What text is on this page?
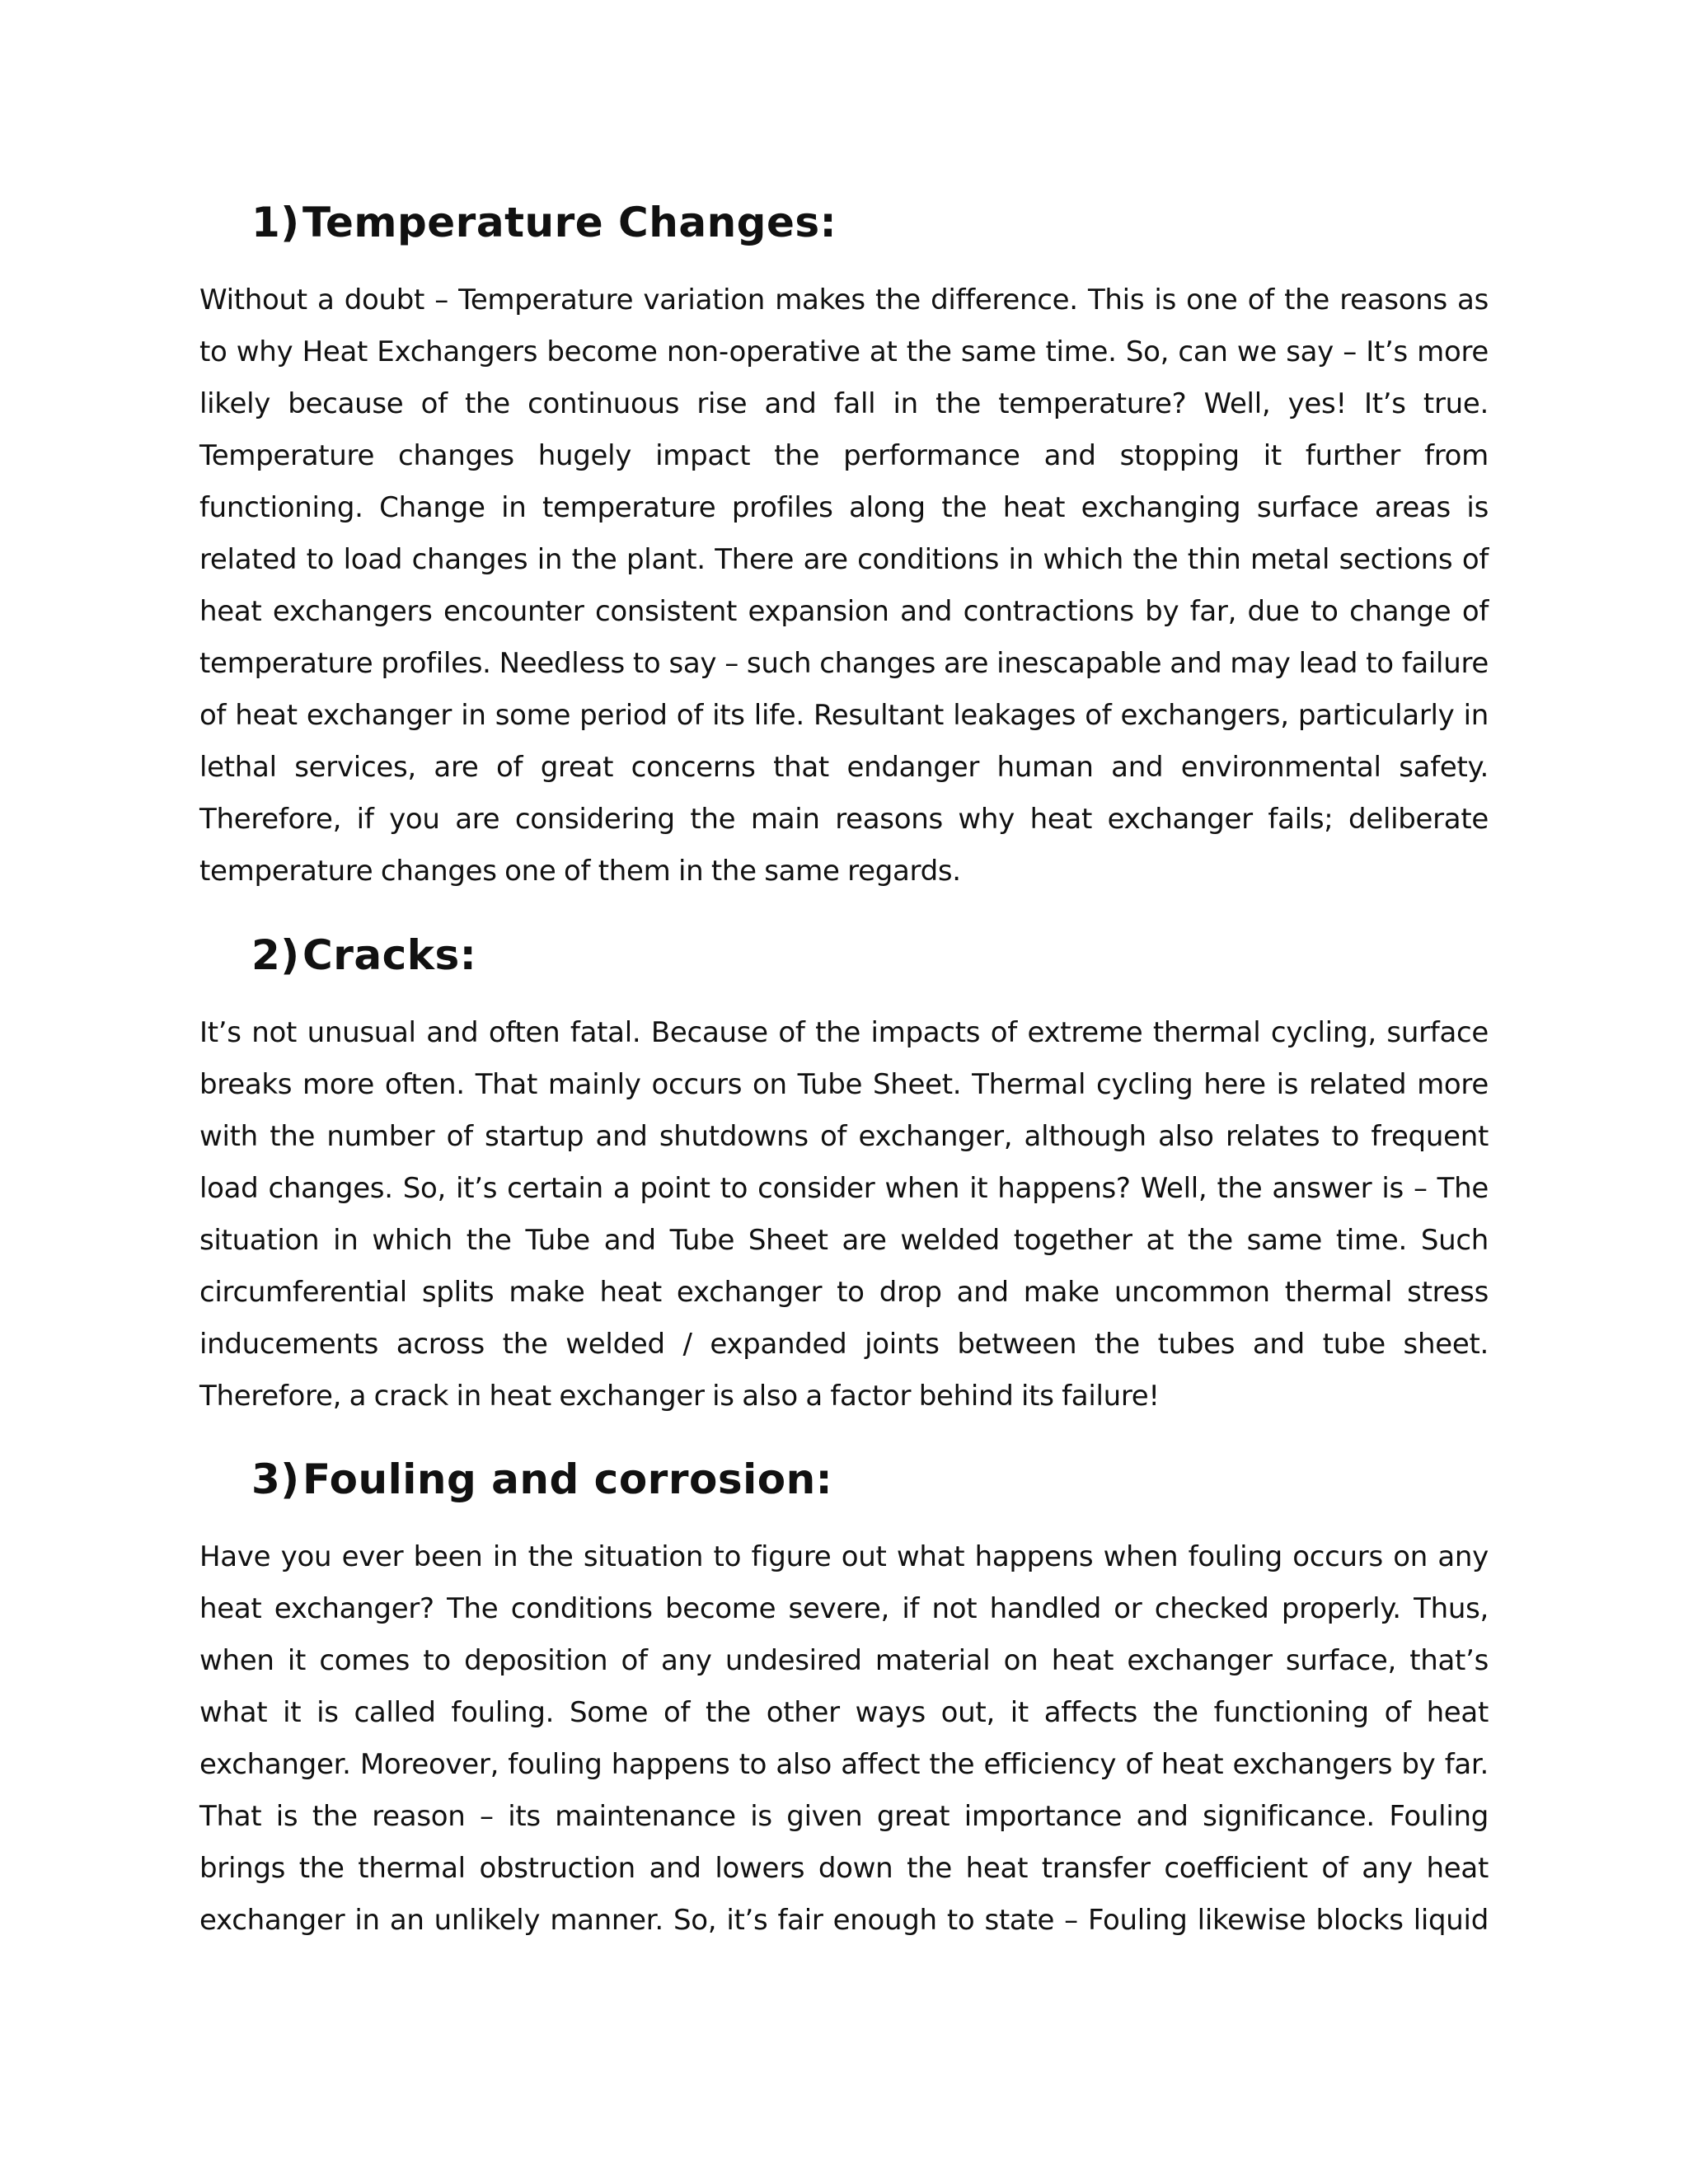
1)Temperature Changes:

Without a doubt – Temperature variation makes the difference. This is one of the reasons as to why Heat Exchangers become non-operative at the same time. So, can we say – It’s more likely because of the continuous rise and fall in the temperature? Well, yes! It’s true. Temperature changes hugely impact the performance and stopping it further from functioning. Change in temperature profiles along the heat exchanging surface areas is related to load changes in the plant. There are conditions in which the thin metal sections of heat exchangers encounter consistent expansion and contractions by far, due to change of temperature profiles. Needless to say – such changes are inescapable and may lead to failure of heat exchanger in some period of its life. Resultant leakages of exchangers, particularly in lethal services, are of great concerns that endanger human and environmental safety. Therefore, if you are considering the main reasons why heat exchanger fails; deliberate temperature changes one of them in the same regards.

2)Cracks:

It’s not unusual and often fatal. Because of the impacts of extreme thermal cycling, surface breaks more often. That mainly occurs on Tube Sheet. Thermal cycling here is related more with the number of startup and shutdowns of exchanger, although also relates to frequent load changes. So, it’s certain a point to consider when it happens? Well, the answer is – The situation in which the Tube and Tube Sheet are welded together at the same time. Such circumferential splits make heat exchanger to drop and make uncommon thermal stress inducements across the welded / expanded joints between the tubes and tube sheet. Therefore, a crack in heat exchanger is also a factor behind its failure!

3)Fouling and corrosion:

Have you ever been in the situation to figure out what happens when fouling occurs on any heat exchanger? The conditions become severe, if not handled or checked properly. Thus, when it comes to deposition of any undesired material on heat exchanger surface, that’s what it is called fouling. Some of the other ways out, it affects the functioning of heat exchanger. Moreover, fouling happens to also affect the efficiency of heat exchangers by far. That is the reason – its maintenance is given great importance and significance. Fouling brings the thermal obstruction and lowers down the heat transfer coefficient of any heat exchanger in an unlikely manner. So, it’s fair enough to state – Fouling likewise blocks liquid
